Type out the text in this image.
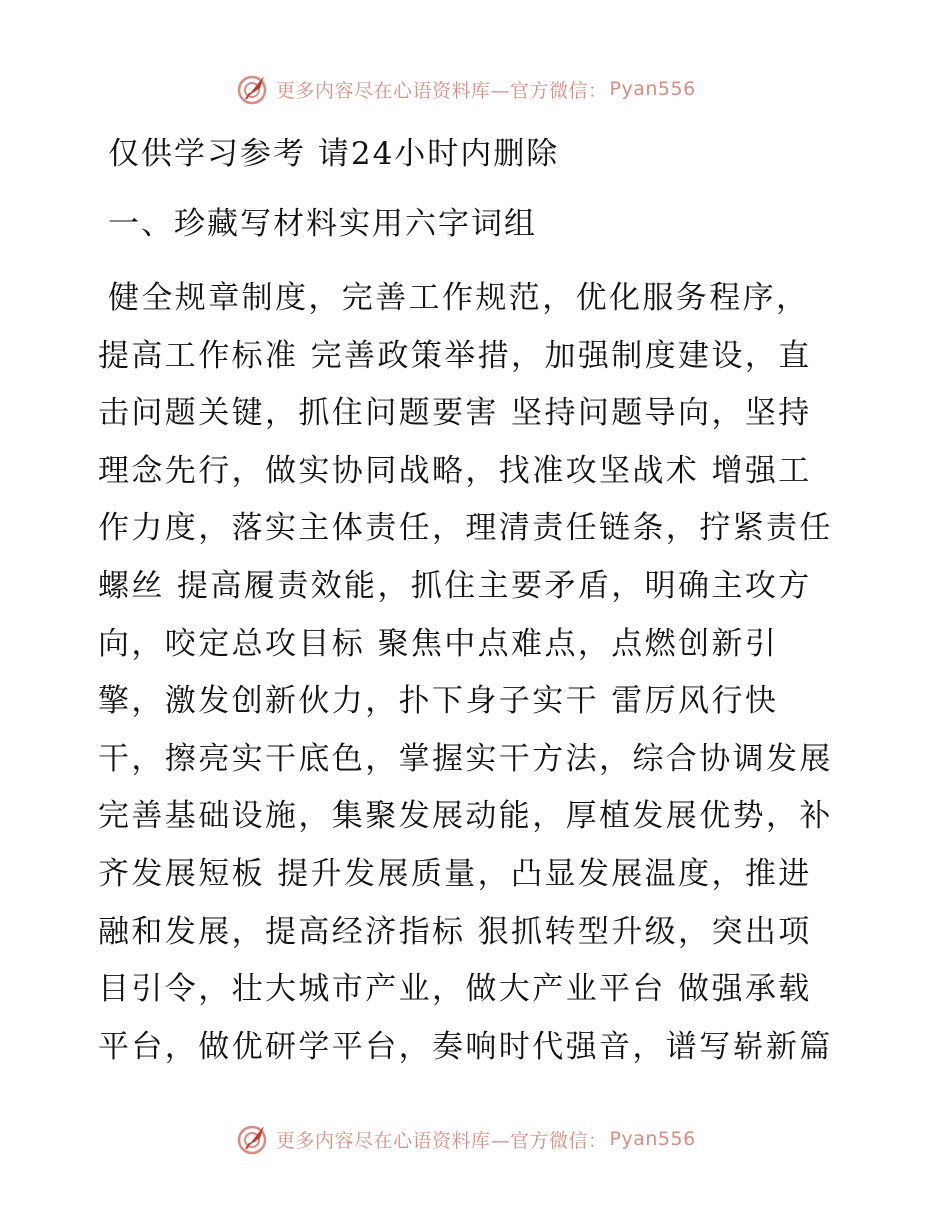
更多内容尽在心语资料库—官方微信： Pyan556
仅供学习参考 请24小时内删除
一、珍藏写材料实用六字词组
健全规章制度，完善工作规范，优化服务程序，
提高工作标准 完善政策举措，加强制度建设，直
击问题关键，抓住问题要害 坚持问题导向，坚持
理念先行，做实协同战略，找准攻坚战术 增强工
作力度，落实主体责任，理清责任链条，拧紧责任
螺丝 提高履责效能，抓住主要矛盾，明确主攻方
向，咬定总攻目标 聚焦中点难点，点燃创新引
擎，激发创新伙力，扑下身子实干 雷厉风行快
干，擦亮实干底色，掌握实干方法，综合协调发展
完善基础设施，集聚发展动能，厚植发展优势，补
齐发展短板 提升发展质量，凸显发展温度，推进
融和发展，提高经济指标 狠抓转型升级，突出项
目引令，壮大城市产业，做大产业平台 做强承载
平台，做优研学平台，奏响时代强音，谱写崭新篇
更多内容尽在心语资料库—官方微信： Pyan556
